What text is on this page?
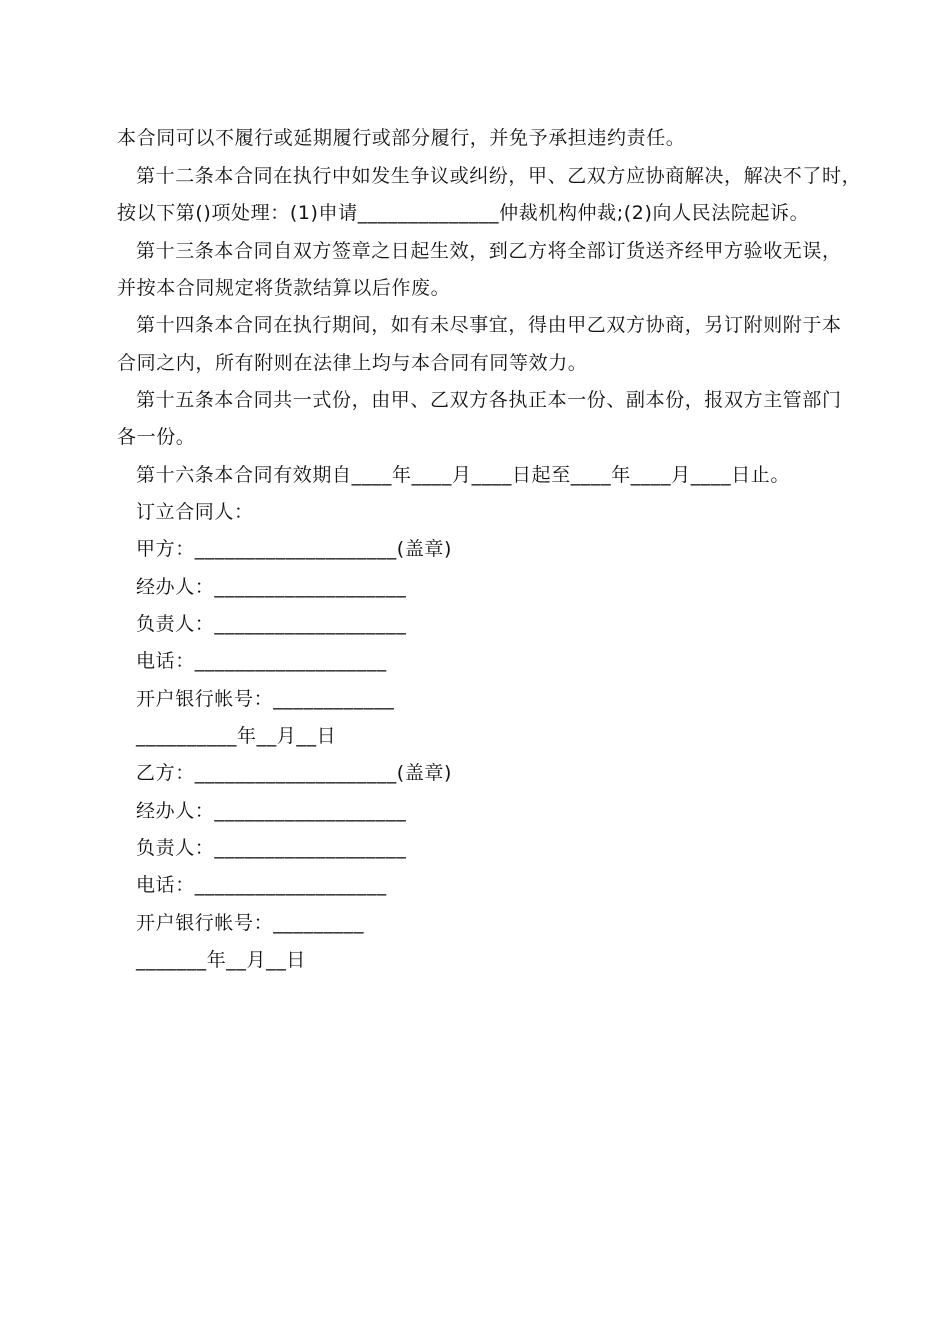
本合同可以不履行或延期履行或部分履行，并免予承担违约责任。
第十二条本合同在执行中如发生争议或纠纷，甲、乙双方应协商解决，解决不了时，
按以下第()项处理：(1)申请______________仲裁机构仲裁;(2)向人民法院起诉。
第十三条本合同自双方签章之日起生效，到乙方将全部订货送齐经甲方验收无误，
并按本合同规定将货款结算以后作废。
第十四条本合同在执行期间，如有未尽事宜，得由甲乙双方协商，另订附则附于本
合同之内，所有附则在法律上均与本合同有同等效力。
第十五条本合同共一式份，由甲、乙双方各执正本一份、副本份，报双方主管部门
各一份。
第十六条本合同有效期自____年____月____日起至____年____月____日止。
订立合同人：
甲方：____________________(盖章)
经办人：___________________
负责人：___________________
电话：___________________
开户银行帐号：____________
__________年__月__日
乙方：____________________(盖章)
经办人：___________________
负责人：___________________
电话：___________________
开户银行帐号：_________
_______年__月__日
